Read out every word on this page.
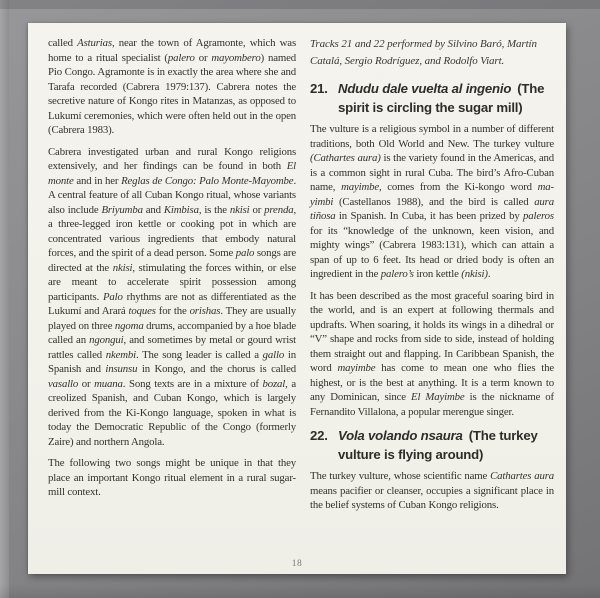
called Asturias, near the town of Agramonte, which was home to a ritual specialist (palero or mayombero) named Pio Congo. Agramonte is in exactly the area where she and Tarafa recorded (Cabrera 1979:137). Cabrera notes the secretive nature of Kongo rites in Matanzas, as opposed to Lukumí ceremonies, which were often held out in the open (Cabrera 1983).

Cabrera investigated urban and rural Kongo religions extensively, and her findings can be found in both El monte and in her Reglas de Congo: Palo Monte-Mayombe. A central feature of all Cuban Kongo ritual, whose variants also include Briyumba and Kimbisa, is the nkisi or prenda, a three-legged iron kettle or cooking pot in which are concentrated various ingredients that embody natural forces, and the spirit of a dead person. Some palo songs are directed at the nkisi, stimulating the forces within, or else are meant to accelerate spirit possession among participants. Palo rhythms are not as differentiated as the Lukumí and Arará toques for the orishas. They are usually played on three ngoma drums, accompanied by a hoe blade called an ngongui, and sometimes by metal or gourd wrist rattles called nkembi. The song leader is called a gallo in Spanish and insunsu in Kongo, and the chorus is called vasallo or muana. Song texts are in a mixture of bozal, a creolized Spanish, and Cuban Kongo, which is largely derived from the Ki-Kongo language, spoken in what is today the Democratic Republic of the Congo (formerly Zaire) and northern Angola.

The following two songs might be unique in that they place an important Kongo ritual element in a rural sugar-mill context.

Tracks 21 and 22 performed by Silvino Baró, Martín Catalá, Sergio Rodríguez, and Rodolfo Viart.

21. Ndudu dale vuelta al ingenio (The spirit is circling the sugar mill)

The vulture is a religious symbol in a number of different traditions, both Old World and New. The turkey vulture (Cathartes aura) is the variety found in the Americas, and is a common sight in rural Cuba. The bird’s Afro-Cuban name, mayimbe, comes from the Ki-kongo word ma-yimbi (Castellanos 1988), and the bird is called aura tiñosa in Spanish. In Cuba, it has been prized by paleros for its “knowledge of the unknown, keen vision, and mighty wings” (Cabrera 1983:131), which can attain a span of up to 6 feet. Its head or dried body is often an ingredient in the palero’s iron kettle (nkisi).

It has been described as the most graceful soaring bird in the world, and is an expert at following thermals and updrafts. When soaring, it holds its wings in a dihedral or “V” shape and rocks from side to side, instead of holding them straight out and flapping. In Caribbean Spanish, the word mayimbe has come to mean one who flies the highest, or is the best at anything. It is a term known to any Dominican, since El Mayimbe is the nickname of Fernandito Villalona, a popular merengue singer.

22. Vola volando nsaura (The turkey vulture is flying around)

The turkey vulture, whose scientific name Cathartes aura means pacifier or cleanser, occupies a significant place in the belief systems of Cuban Kongo religions.

18
